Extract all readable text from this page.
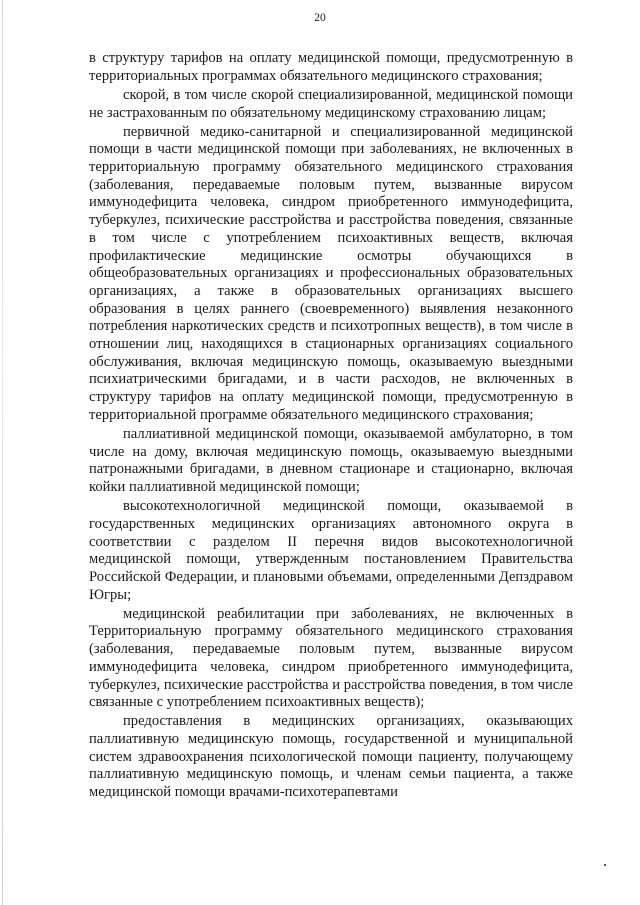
20

в структуру тарифов на оплату медицинской помощи, предусмотренную в территориальных программах обязательного медицинского страхования;

скорой, в том числе скорой специализированной, медицинской помощи не застрахованным по обязательному медицинскому страхованию лицам;

первичной медико-санитарной и специализированной медицинской помощи в части медицинской помощи при заболеваниях, не включенных в территориальную программу обязательного медицинского страхования (заболевания, передаваемые половым путем, вызванные вирусом иммунодефицита человека, синдром приобретенного иммунодефицита, туберкулез, психические расстройства и расстройства поведения, связанные в том числе с употреблением психоактивных веществ, включая профилактические медицинские осмотры обучающихся в общеобразовательных организациях и профессиональных образовательных организациях, а также в образовательных организациях высшего образования в целях раннего (своевременного) выявления незаконного потребления наркотических средств и психотропных веществ), в том числе в отношении лиц, находящихся в стационарных организациях социального обслуживания, включая медицинскую помощь, оказываемую выездными психиатрическими бригадами, и в части расходов, не включенных в структуру тарифов на оплату медицинской помощи, предусмотренную в территориальной программе обязательного медицинского страхования;

паллиативной медицинской помощи, оказываемой амбулаторно, в том числе на дому, включая медицинскую помощь, оказываемую выездными патронажными бригадами, в дневном стационаре и стационарно, включая койки паллиативной медицинской помощи;

высокотехнологичной медицинской помощи, оказываемой в государственных медицинских организациях автономного округа в соответствии с разделом II перечня видов высокотехнологичной медицинской помощи, утвержденным постановлением Правительства Российской Федерации, и плановыми объемами, определенными Депздравом Югры;

медицинской реабилитации при заболеваниях, не включенных в Территориальную программу обязательного медицинского страхования (заболевания, передаваемые половым путем, вызванные вирусом иммунодефицита человека, синдром приобретенного иммунодефицита, туберкулез, психические расстройства и расстройства поведения, в том числе связанные с употреблением психоактивных веществ);

предоставления в медицинских организациях, оказывающих паллиативную медицинскую помощь, государственной и муниципальной систем здравоохранения психологической помощи пациенту, получающему паллиативную медицинскую помощь, и членам семьи пациента, а также медицинской помощи врачами-психотерапевтами
